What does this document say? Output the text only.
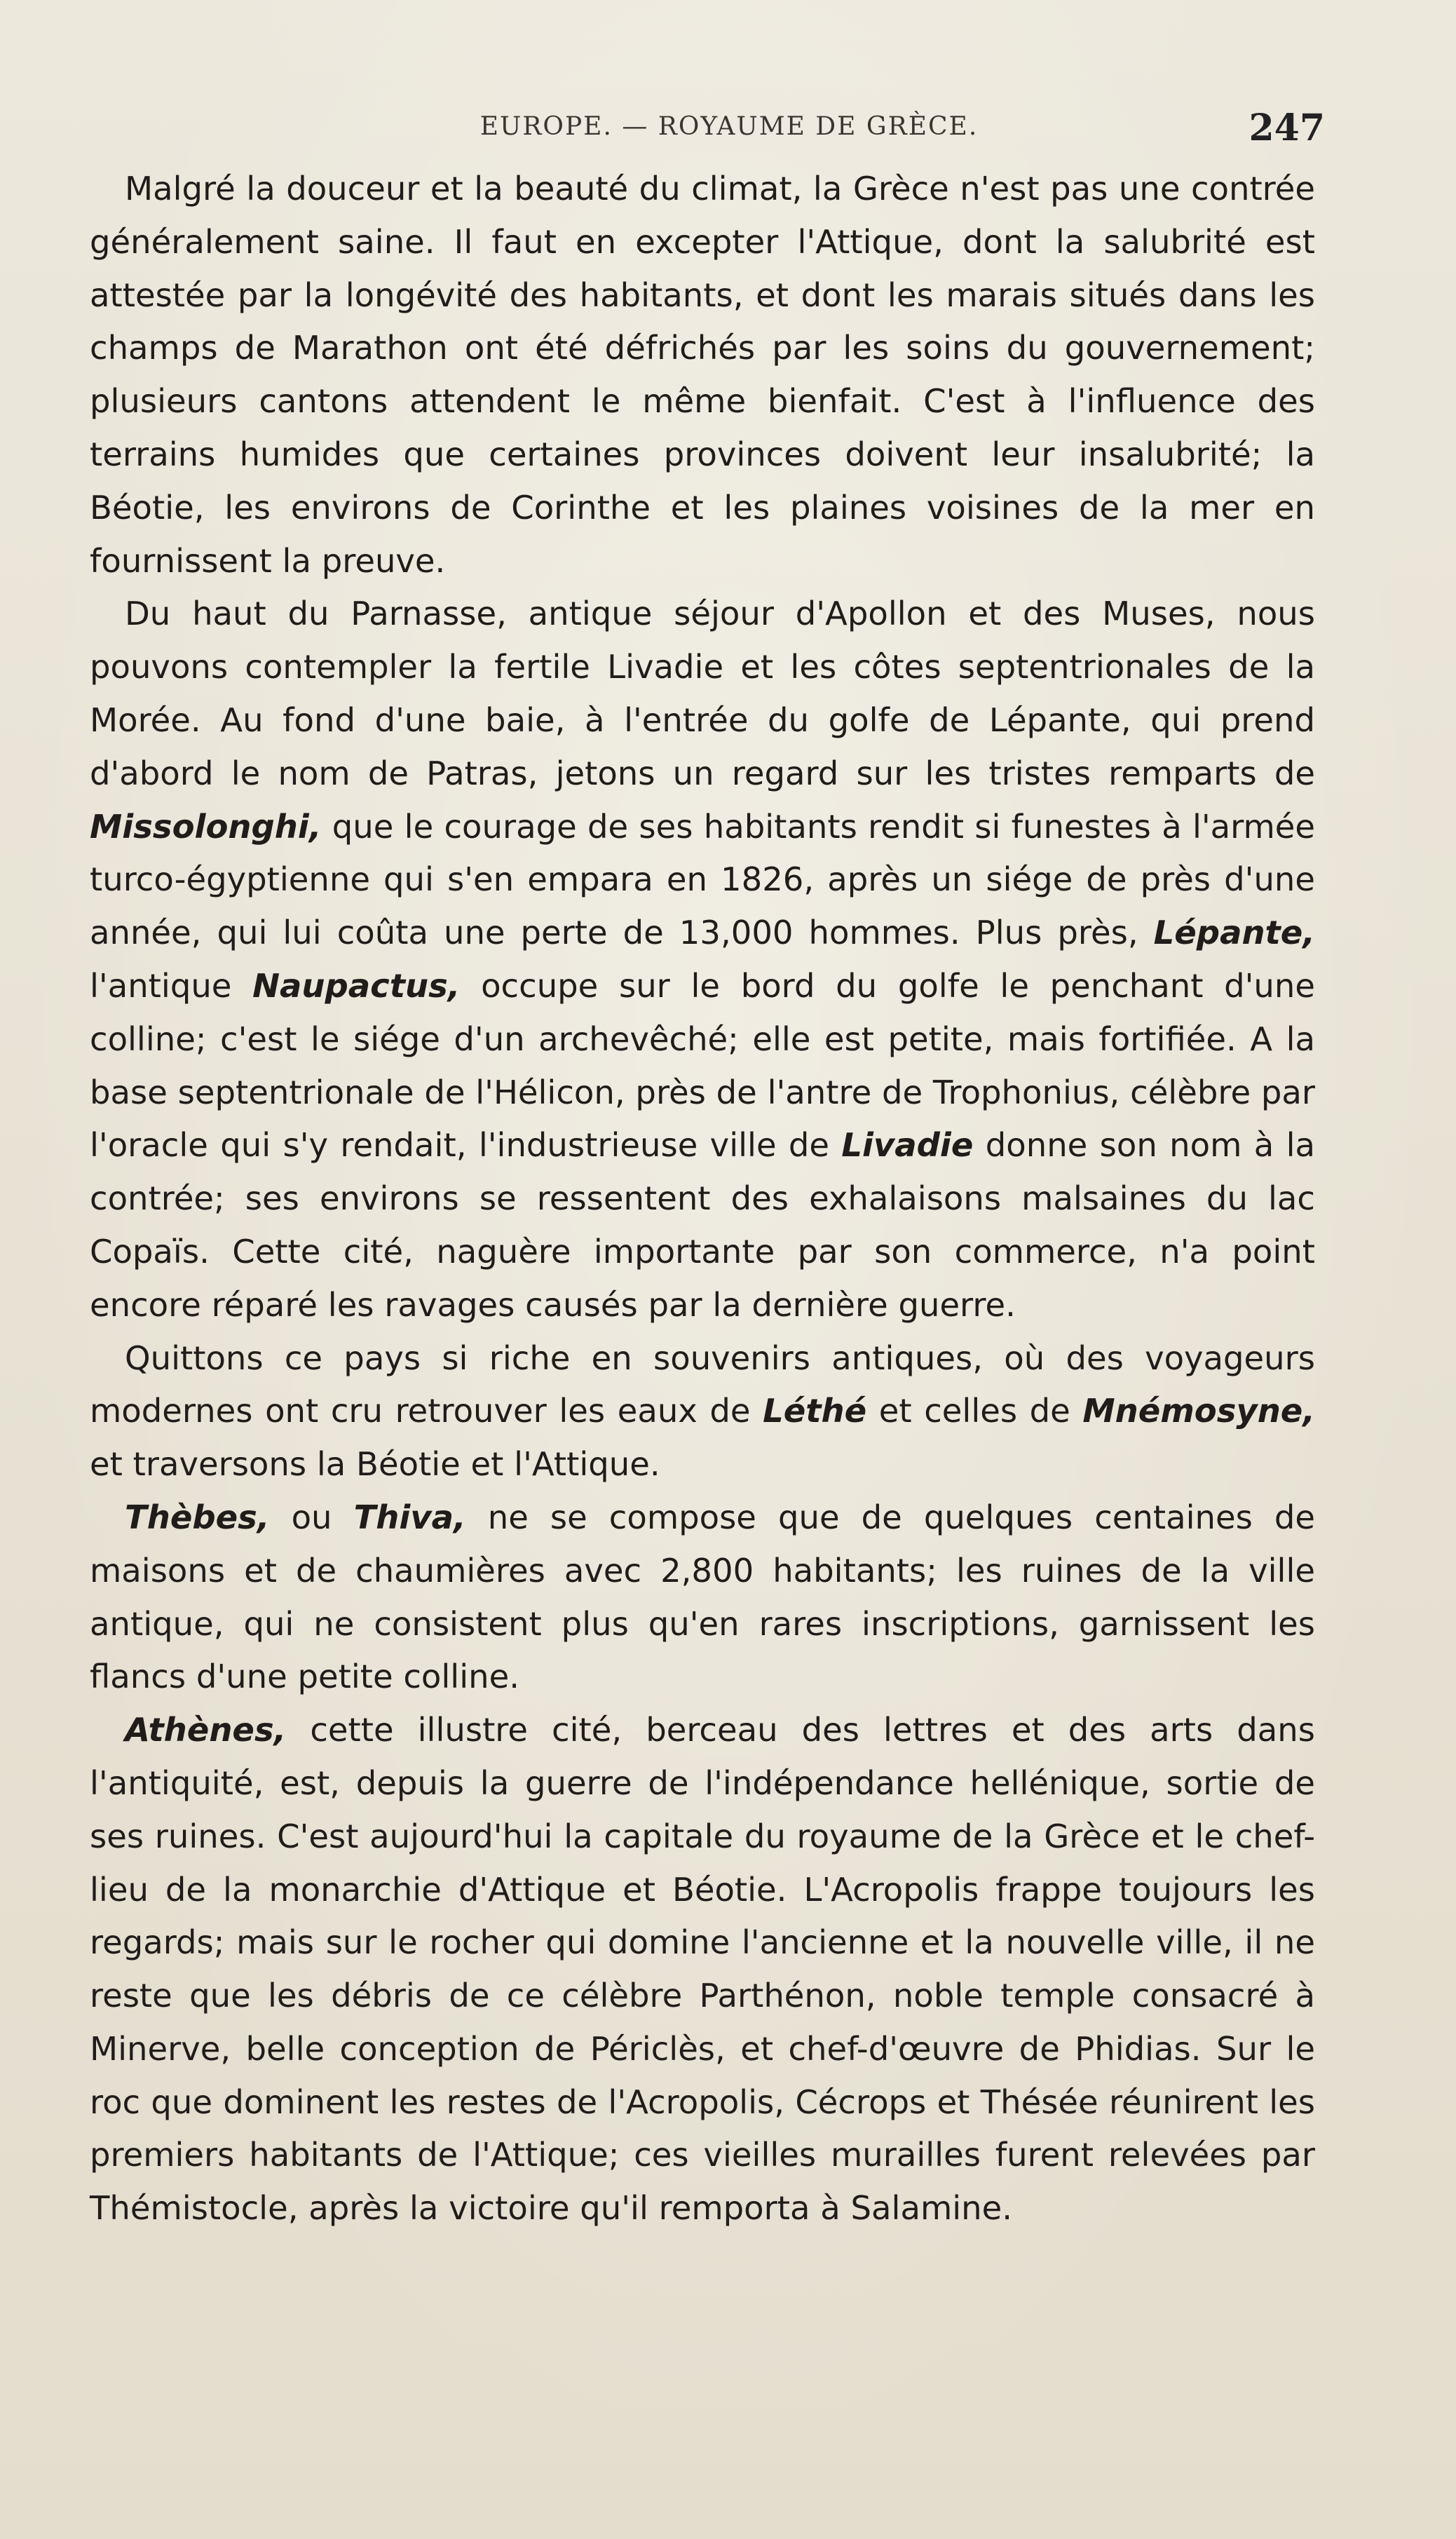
EUROPE. — ROYAUME DE GRÈCE.	247

Malgré la douceur et la beauté du climat, la Grèce n'est pas une contrée généralement saine. Il faut en excepter l'Attique, dont la salubrité est attestée par la longévité des habitants, et dont les marais situés dans les champs de Marathon ont été défrichés par les soins du gouvernement; plusieurs cantons attendent le même bienfait. C'est à l'influence des terrains humides que certaines provinces doivent leur insalubrité; la Béotie, les environs de Corinthe et les plaines voisines de la mer en fournissent la preuve.

Du haut du Parnasse, antique séjour d'Apollon et des Muses, nous pouvons contempler la fertile Livadie et les côtes septentrionales de la Morée. Au fond d'une baie, à l'entrée du golfe de Lépante, qui prend d'abord le nom de Patras, jetons un regard sur les tristes remparts de Missolonghi, que le courage de ses habitants rendit si funestes à l'armée turco-égyptienne qui s'en empara en 1826, après un siége de près d'une année, qui lui coûta une perte de 13,000 hommes. Plus près, Lépante, l'antique Naupactus, occupe sur le bord du golfe le penchant d'une colline; c'est le siége d'un archevêché; elle est petite, mais fortifiée. A la base septentrionale de l'Hélicon, près de l'antre de Trophonius, célèbre par l'oracle qui s'y rendait, l'industrieuse ville de Livadie donne son nom à la contrée; ses environs se ressentent des exhalaisons malsaines du lac Copaïs. Cette cité, naguère importante par son commerce, n'a point encore réparé les ravages causés par la dernière guerre.

Quittons ce pays si riche en souvenirs antiques, où des voyageurs modernes ont cru retrouver les eaux de Léthé et celles de Mnémosyne, et traversons la Béotie et l'Attique.

Thèbes, ou Thiva, ne se compose que de quelques centaines de maisons et de chaumières avec 2,800 habitants; les ruines de la ville antique, qui ne consistent plus qu'en rares inscriptions, garnissent les flancs d'une petite colline.

Athènes, cette illustre cité, berceau des lettres et des arts dans l'antiquité, est, depuis la guerre de l'indépendance hellénique, sortie de ses ruines. C'est aujourd'hui la capitale du royaume de la Grèce et le chef-lieu de la monarchie d'Attique et Béotie. L'Acropolis frappe toujours les regards; mais sur le rocher qui domine l'ancienne et la nouvelle ville, il ne reste que les débris de ce célèbre Parthénon, noble temple consacré à Minerve, belle conception de Périclès, et chef-d'œuvre de Phidias. Sur le roc que dominent les restes de l'Acropolis, Cécrops et Thésée réunirent les premiers habitants de l'Attique; ces vieilles murailles furent relevées par Thémistocle, après la victoire qu'il remporta à Salamine.
